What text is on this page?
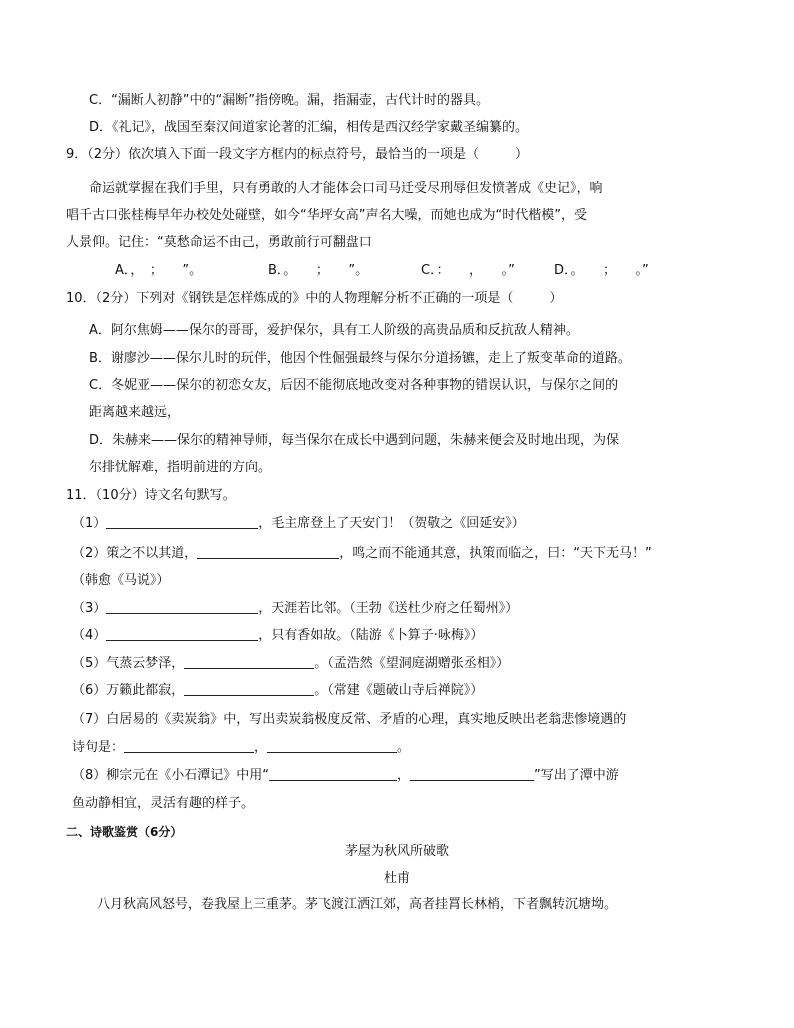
C．“漏断人初静”中的“漏断”指傍晚。漏，指漏壶，古代计时的器具。
D．《礼记》，战国至秦汉间道家论著的汇编，相传是西汉经学家戴圣编纂的。
9．（2分）依次填入下面一段文字方框内的标点符号，最恰当的一项是（	）
命运就掌握在我们手里，只有勇敢的人才能体会口司马迁受尽刑辱但发愤著成《史记》，响
唱千古口张桂梅早年办校处处碰壁，如今“华坪女高”声名大噪，而她也成为“时代楷模”，受
人景仰。记住：“莫愁命运不由己，勇敢前行可翻盘口
A．，　；　　”。	B．。　　；　　”。	C．：　　，　　。”	D．。　　；　　。”
10．（2分）下列对《钢铁是怎样炼成的》中的人物理解分析不正确的一项是（	）
A．阿尔焦姆——保尔的哥哥，爱护保尔，具有工人阶级的高贵品质和反抗敌人精神。
B．谢廖沙——保尔儿时的玩伴，他因个性倔强最终与保尔分道扬镳，走上了叛变革命的道路。
C．冬妮亚——保尔的初恋女友，后因不能彻底地改变对各种事物的错误认识，与保尔之间的
距离越来越远，
D．朱赫来——保尔的精神导师，每当保尔在成长中遇到问题，朱赫来便会及时地出现，为保
尔排忧解难，指明前进的方向。
11．（10分）诗文名句默写。
（1）	，毛主席登上了天安门！（贺敬之《回延安》）
（2）策之不以其道，	，鸣之而不能通其意，执策而临之，曰：“天下无马！”
（韩愈《马说》）
（3）	，天涯若比邻。（王勃《送杜少府之任蜀州》）
（4）	，只有香如故。（陆游《卜算子·咏梅》）
（5）气蒸云梦泽，	。（孟浩然《望洞庭湖赠张丞相》）
（6）万籁此都寂，	。（常建《题破山寺后禅院》）
（7）白居易的《卖炭翁》中，写出卖炭翁极度反常、矛盾的心理，真实地反映出老翁悲惨境遇的
诗句是：	，	。
（8）柳宗元在《小石潭记》中用“	，	”写出了潭中游
鱼动静相宜，灵活有趣的样子。
二、诗歌鉴赏（6分）
茅屋为秋风所破歌
杜甫
八月秋高风怒号，卷我屋上三重茅。茅飞渡江洒江郊，高者挂罥长林梢，下者飘转沉塘坳。
